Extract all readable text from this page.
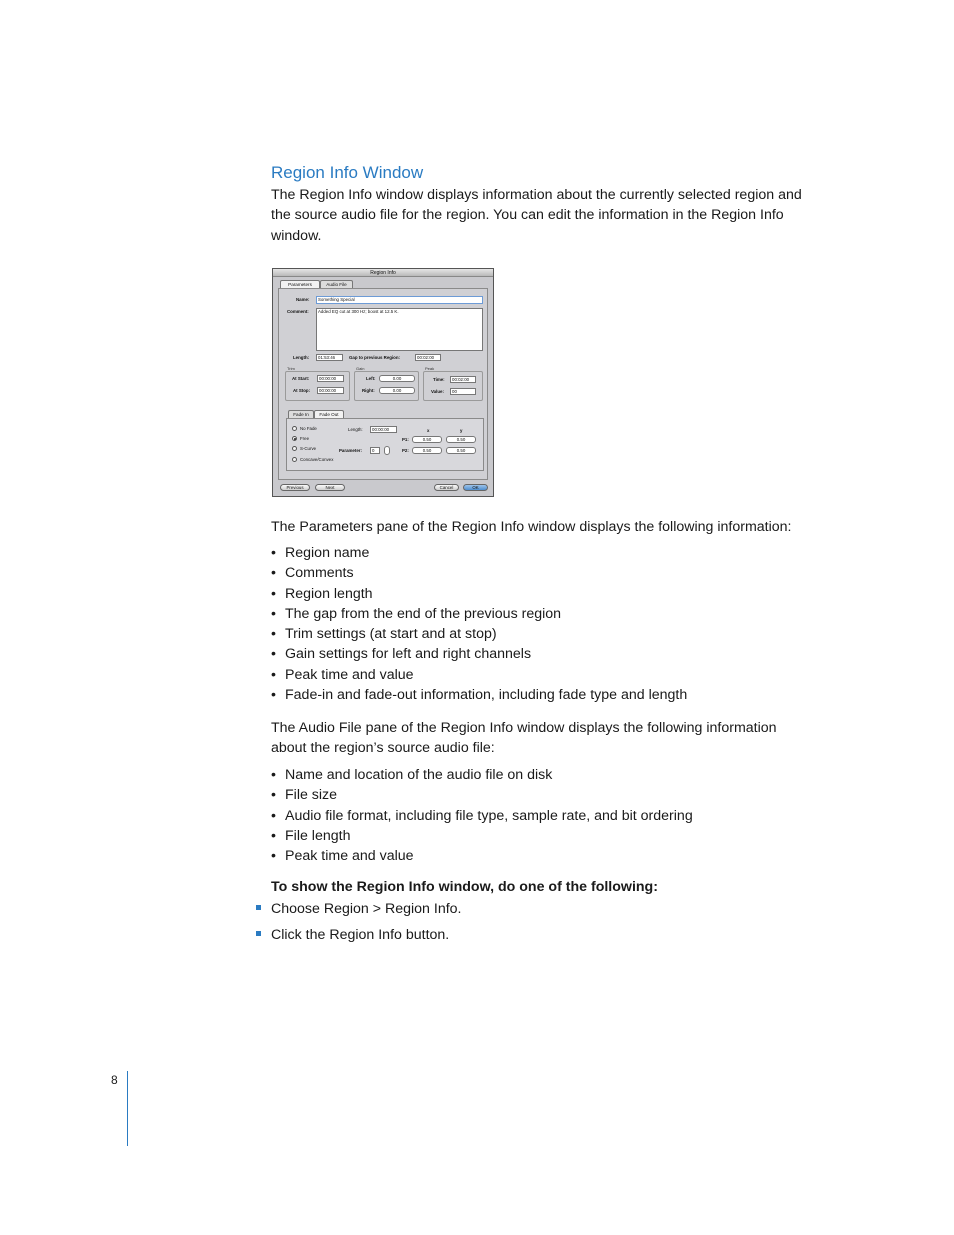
Region Info Window
The Region Info window displays information about the currently selected region and the source audio file for the region. You can edit the information in the Region Info window.
Region Info
Parameters	Audio File
Name:	Something Special
Comment:	Added EQ cut at 300 Hz; boost at 12.5 K.
Length:	01:53:46	Gap to previous Region:	00:02:00
Trim
At Start:	00:00:00
At Stop:	00:00:00
Gain
Left:	0.00
Right:	0.00
Peak
Time:	00:02:00
Value:	00
Fade In	Fade Out
No Fade
Free
S-Curve
Concave/Convex
Length:	00:00:00	x	y
P1:	0.50	0.50
Parameter:	0	P2:	0.50	0.50
Previous	Next	Cancel	OK
The Parameters pane of the Region Info window displays the following information:
• Region name
• Comments
• Region length
• The gap from the end of the previous region
• Trim settings (at start and at stop)
• Gain settings for left and right channels
• Peak time and value
• Fade-in and fade-out information, including fade type and length
The Audio File pane of the Region Info window displays the following information about the region’s source audio file:
• Name and location of the audio file on disk
• File size
• Audio file format, including file type, sample rate, and bit ordering
• File length
• Peak time and value
To show the Region Info window, do one of the following:
Choose Region > Region Info.
Click the Region Info button.
8
